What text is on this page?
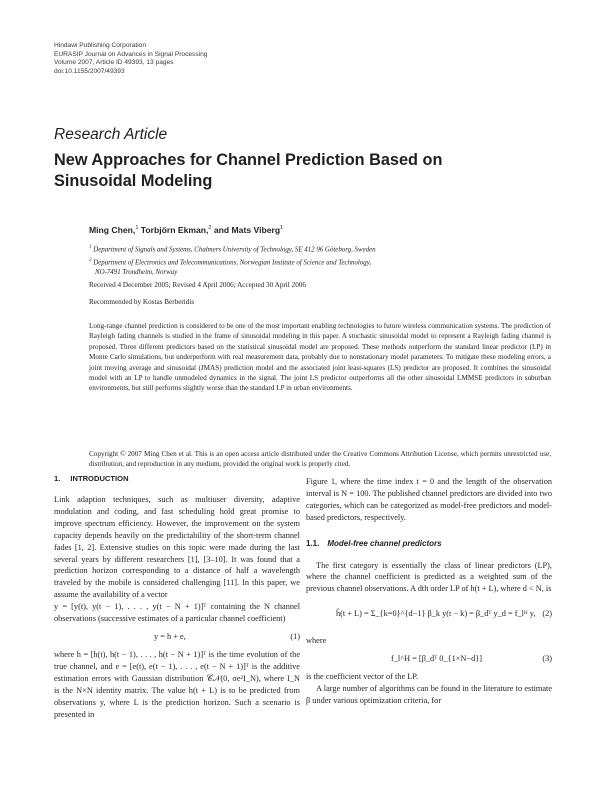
Hindawi Publishing Corporation
EURASIP Journal on Advances in Signal Processing
Volume 2007, Article ID 49393, 13 pages
doi:10.1155/2007/49393
Research Article
New Approaches for Channel Prediction Based on
Sinusoidal Modeling
Ming Chen,$^1$ Torbjörn Ekman,$^2$ and Mats Viberg$^1$
$^1$ Department of Signals and Systems, Chalmers University of Technology, SE 412 96 Göteborg, Sweden
$^2$ Department of Electronics and Telecommunications, Norwegian Institute of Science and Technology,
NO-7491 Trondheim, Norway
Received 4 December 2005; Revised 4 April 2006; Accepted 30 April 2006
Recommended by Kostas Berberidis
Long-range channel prediction is considered to be one of the most important enabling technologies to future wireless communication systems. The prediction of Rayleigh fading channels is studied in the frame of sinusoidal modeling in this paper. A stochastic sinusoidal model to represent a Rayleigh fading channel is proposed. Three different predictors based on the statistical sinusoidal model are proposed. These methods outperform the standard linear predictor (LP) in Monte Carlo simulations, but underperform with real measurement data, probably due to nonstationary model parameters. To mitigate these modeling errors, a joint moving average and sinusoidal (JMAS) prediction model and the associated joint least-squares (LS) predictor are proposed. It combines the sinusoidal model with an LP to handle unmodeled dynamics in the signal. The joint LS predictor outperforms all the other sinusoidal LMMSE predictors in suburban environments, but still performs slightly worse than the standard LP in urban environments.
Copyright © 2007 Ming Chen et al. This is an open access article distributed under the Creative Commons Attribution License, which permits unrestricted use, distribution, and reproduction in any medium, provided the original work is properly cited.
1. INTRODUCTION
Link adaption techniques, such as multiuser diversity, adaptive modulation and coding, and fast scheduling hold great promise to improve spectrum efficiency. However, the improvement on the system capacity depends heavily on the predictability of the short-term channel fades [1, 2]. Extensive studies on this topic were made during the last several years by different researchers [1], [3–10]. It was found that a prediction horizon corresponding to a distance of half a wavelength traveled by the mobile is considered challenging [11]. In this paper, we assume the availability of a vector
y = [y(t), y(t − 1), . . . , y(t − N + 1)]ᵀ containing the N channel observations (successive estimates of a particular channel coefficient)
y = h + e,	(1)
where h = [h(t), h(t − 1), . . . , h(t − N + 1)]ᵀ is the time evolution of the true channel, and e = [e(t), e(t − 1), . . . , e(t − N + 1)]ᵀ is the additive estimation errors with Gaussian distribution 𝒞𝒩(0, σe²I_N), where I_N is the N×N identity matrix. The value h(t + L) is to be predicted from observations y, where L is the prediction horizon. Such a scenario is presented in
Figure 1, where the time index t = 0 and the length of the observation interval is N = 100. The published channel predictors are divided into two categories, which can be categorized as model-free predictors and model-based predictors, respectively.
1.1. Model-free channel predictors
The first category is essentially the class of linear predictors (LP), where the channel coefficient is predicted as a weighted sum of the previous channel observations. A dth order LP of h(t + L), where d < N, is
ĥ(t + L) = Σ_{k=0}^{d−1} β_k y(t − k) = β_dᵀ y_d = f_lᴴ y, (2)
where
f_l^H = [β_dᵀ 0_{1×N−d}]	(3)
is the coefficient vector of the LP.
A large number of algorithms can be found in the literature to estimate β under various optimization criteria, for
